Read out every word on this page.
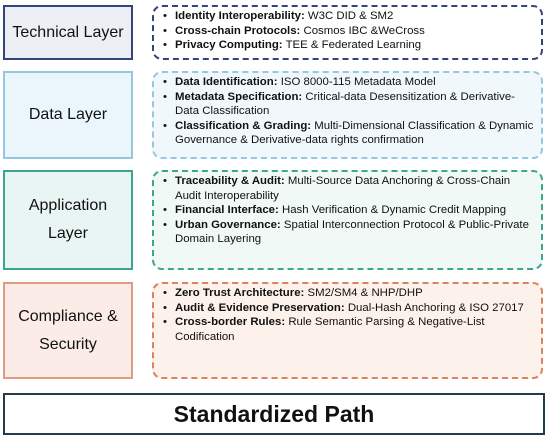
Technical Layer
• Identity Interoperability: W3C DID & SM2
• Cross-chain Protocols: Cosmos IBC &WeCross
• Privacy Computing: TEE & Federated Learning
Data Layer
• Data Identification: ISO 8000-115 Metadata Model
• Metadata Specification: Critical-data Desensitization & Derivative-Data Classification
• Classification & Grading: Multi-Dimensional Classification & Dynamic Governance & Derivative-data rights confirmation
Application Layer
• Traceability & Audit: Multi-Source Data Anchoring & Cross-Chain Audit Interoperability
• Financial Interface: Hash Verification & Dynamic Credit Mapping
• Urban Governance: Spatial Interconnection Protocol & Public-Private Domain Layering
Compliance & Security
• Zero Trust Architecture: SM2/SM4 & NHP/DHP
• Audit & Evidence Preservation: Dual-Hash Anchoring & ISO 27017
• Cross-border Rules: Rule Semantic Parsing & Negative-List Codification
Standardized Path
